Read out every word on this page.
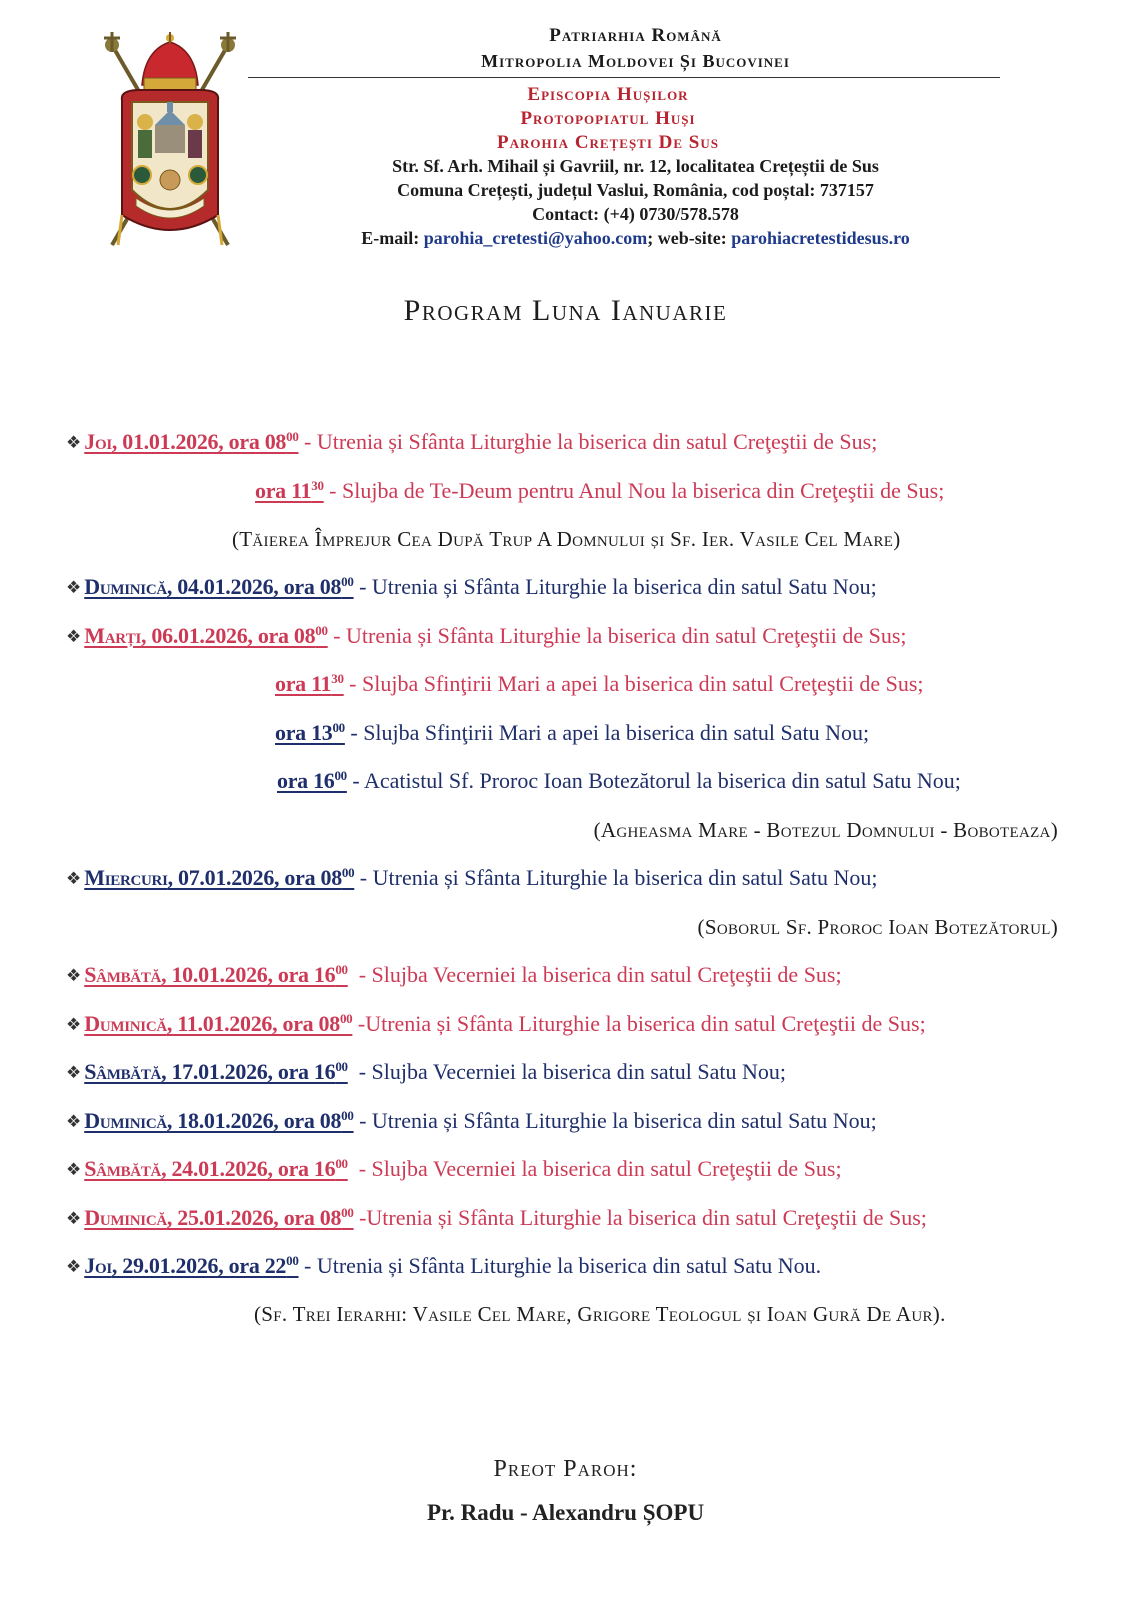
Patriarhia Română
Mitropolia Moldovei Și Bucovinei
Episcopia Hușilor
Protopopiatul Huși
Parohia Crețești De Sus
Str. Sf. Arh. Mihail și Gavriil, nr. 12, localitatea Crețeștii de Sus
Comuna Crețești, județul Vaslui, România, cod poștal: 737157
Contact: (+4) 0730/578.578
E-mail: parohia_cretesti@yahoo.com; web-site: parohiacretestidesus.ro
Program Luna Ianuarie
❖ Joi, 01.01.2026, ora $08^{00}$ - Utrenia și Sfânta Liturghie la biserica din satul Creţeştii de Sus;
ora $11^{30}$ - Slujba de Te-Deum pentru Anul Nou la biserica din Creţeştii de Sus;
(Tăierea Împrejur Cea După Trup A Domnului și Sf. Ier. Vasile Cel Mare)
❖ Duminică, 04.01.2026, ora $08^{00}$ - Utrenia și Sfânta Liturghie la biserica din satul Satu Nou;
❖ Marți, 06.01.2026, ora $08^{00}$ - Utrenia și Sfânta Liturghie la biserica din satul Creţeştii de Sus;
ora $11^{30}$ - Slujba Sfinţirii Mari a apei la biserica din satul Creţeştii de Sus;
ora $13^{00}$ - Slujba Sfinţirii Mari a apei la biserica din satul Satu Nou;
ora $16^{00}$ - Acatistul Sf. Proroc Ioan Botezătorul la biserica din satul Satu Nou;
(Agheasma Mare - Botezul Domnului - Boboteaza)
❖ Miercuri, 07.01.2026, ora $08^{00}$ - Utrenia și Sfânta Liturghie la biserica din satul Satu Nou;
(Soborul Sf. Proroc Ioan Botezătorul)
❖ Sâmbătă, 10.01.2026, ora $16^{00}$  - Slujba Vecerniei la biserica din satul Creţeştii de Sus;
❖ Duminică, 11.01.2026, ora $08^{00}$ -Utrenia și Sfânta Liturghie la biserica din satul Creţeştii de Sus;
❖ Sâmbătă, 17.01.2026, ora $16^{00}$  - Slujba Vecerniei la biserica din satul Satu Nou;
❖ Duminică, 18.01.2026, ora $08^{00}$ - Utrenia și Sfânta Liturghie la biserica din satul Satu Nou;
❖ Sâmbătă, 24.01.2026, ora $16^{00}$  - Slujba Vecerniei la biserica din satul Creţeştii de Sus;
❖ Duminică, 25.01.2026, ora $08^{00}$ -Utrenia și Sfânta Liturghie la biserica din satul Creţeştii de Sus;
❖ Joi, 29.01.2026, ora $22^{00}$ - Utrenia și Sfânta Liturghie la biserica din satul Satu Nou.
(Sf. Trei Ierarhi: Vasile Cel Mare, Grigore Teologul și Ioan Gură De Aur).
Preot Paroh:
Pr. Radu - Alexandru ȘOPU
